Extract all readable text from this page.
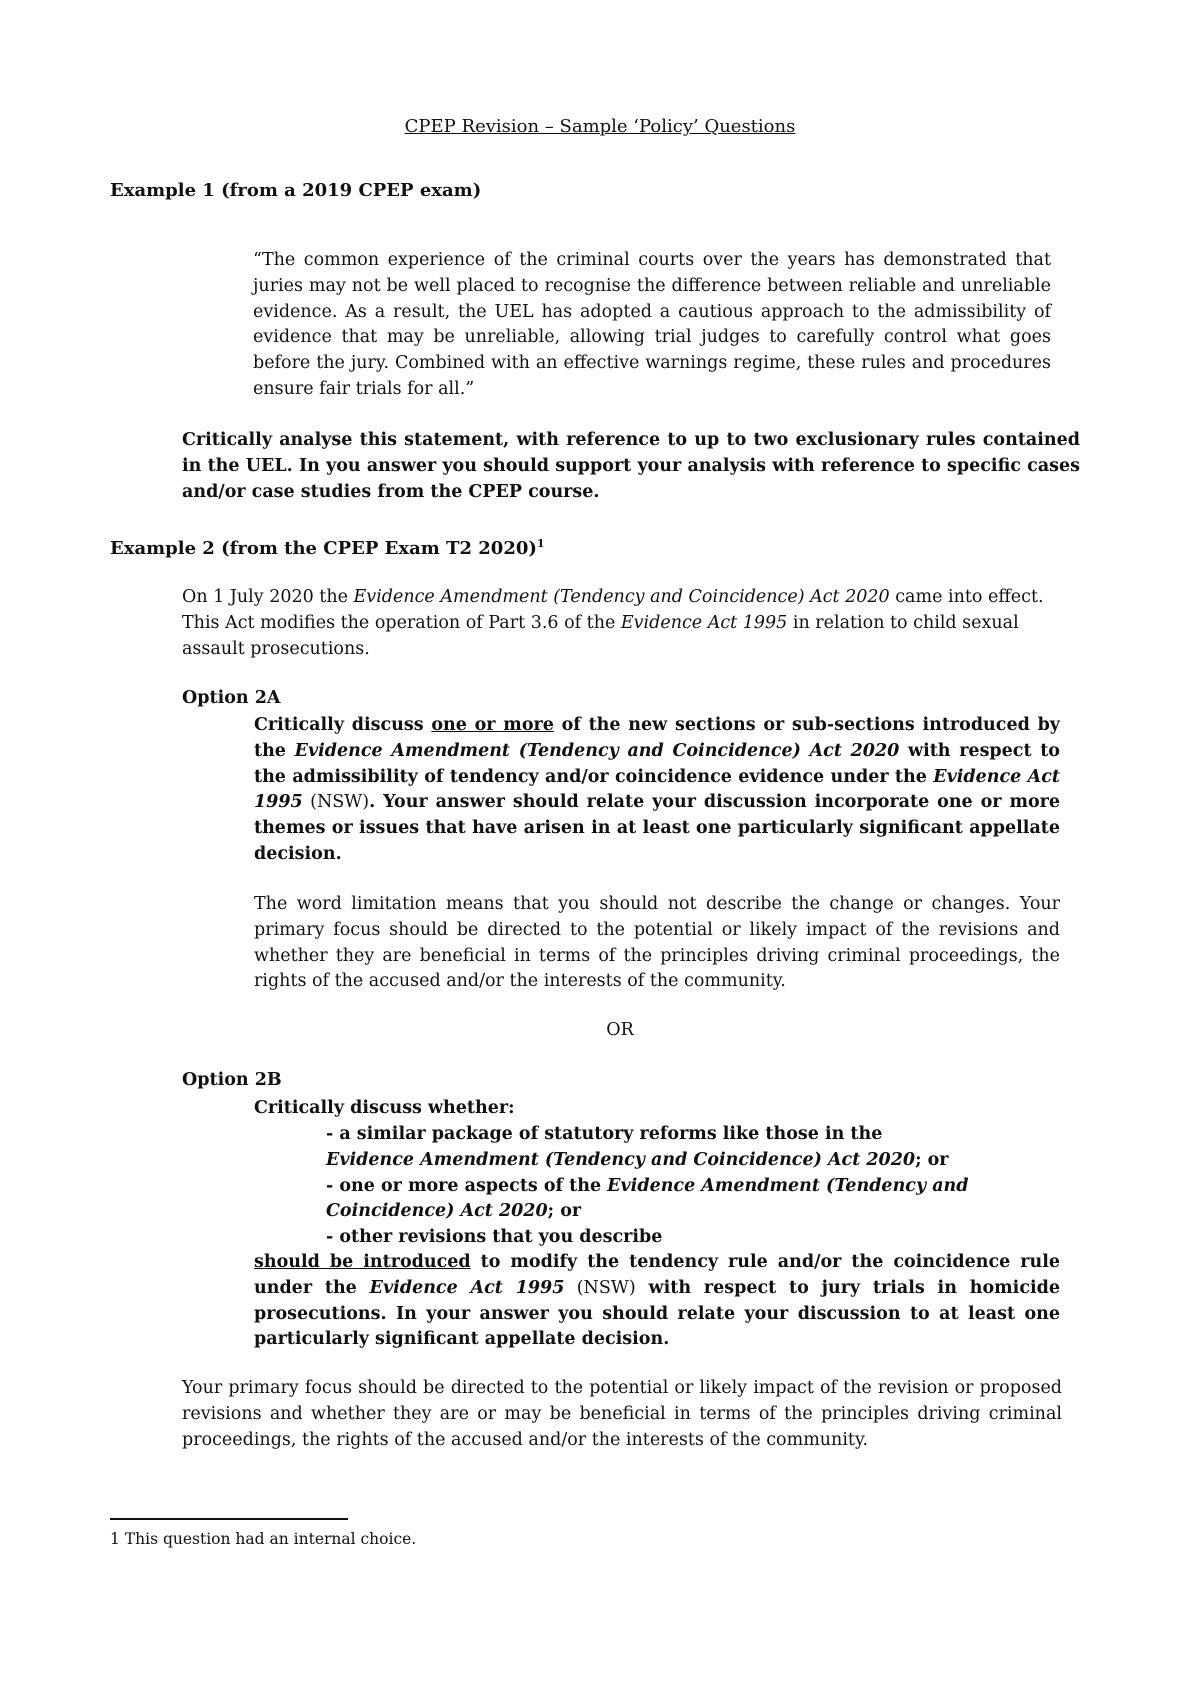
CPEP Revision – Sample ‘Policy’ Questions
Example 1 (from a 2019 CPEP exam)
“The common experience of the criminal courts over the years has demonstrated that juries may not be well placed to recognise the difference between reliable and unreliable evidence. As a result, the UEL has adopted a cautious approach to the admissibility of evidence that may be unreliable, allowing trial judges to carefully control what goes before the jury. Combined with an effective warnings regime, these rules and procedures ensure fair trials for all.”
Critically analyse this statement, with reference to up to two exclusionary rules contained in the UEL. In you answer you should support your analysis with reference to specific cases and/or case studies from the CPEP course.
Example 2 (from the CPEP Exam T2 2020)$^1$

On 1 July 2020 the Evidence Amendment (Tendency and Coincidence) Act 2020 came into effect. This Act modifies the operation of Part 3.6 of the Evidence Act 1995 in relation to child sexual assault prosecutions.

Option 2A

Critically discuss one or more of the new sections or sub-sections introduced by the Evidence Amendment (Tendency and Coincidence) Act 2020 with respect to the admissibility of tendency and/or coincidence evidence under the Evidence Act 1995 (NSW). Your answer should relate your discussion incorporate one or more themes or issues that have arisen in at least one particularly significant appellate decision.

The word limitation means that you should not describe the change or changes. Your primary focus should be directed to the potential or likely impact of the revisions and whether they are beneficial in terms of the principles driving criminal proceedings, the rights of the accused and/or the interests of the community.

OR
Option 2B
Critically discuss whether:

- a similar package of statutory reforms like those in the Evidence Amendment (Tendency and Coincidence) Act 2020; or

- one or more aspects of the Evidence Amendment (Tendency and Coincidence) Act 2020; or

- other revisions that you describe

should be introduced to modify the tendency rule and/or the coincidence rule under the Evidence Act 1995 (NSW) with respect to jury trials in homicide prosecutions. In your answer you should relate your discussion to at least one particularly significant appellate decision.

Your primary focus should be directed to the potential or likely impact of the revision or proposed revisions and whether they are or may be beneficial in terms of the principles driving criminal proceedings, the rights of the accused and/or the interests of the community.

1 This question had an internal choice.
